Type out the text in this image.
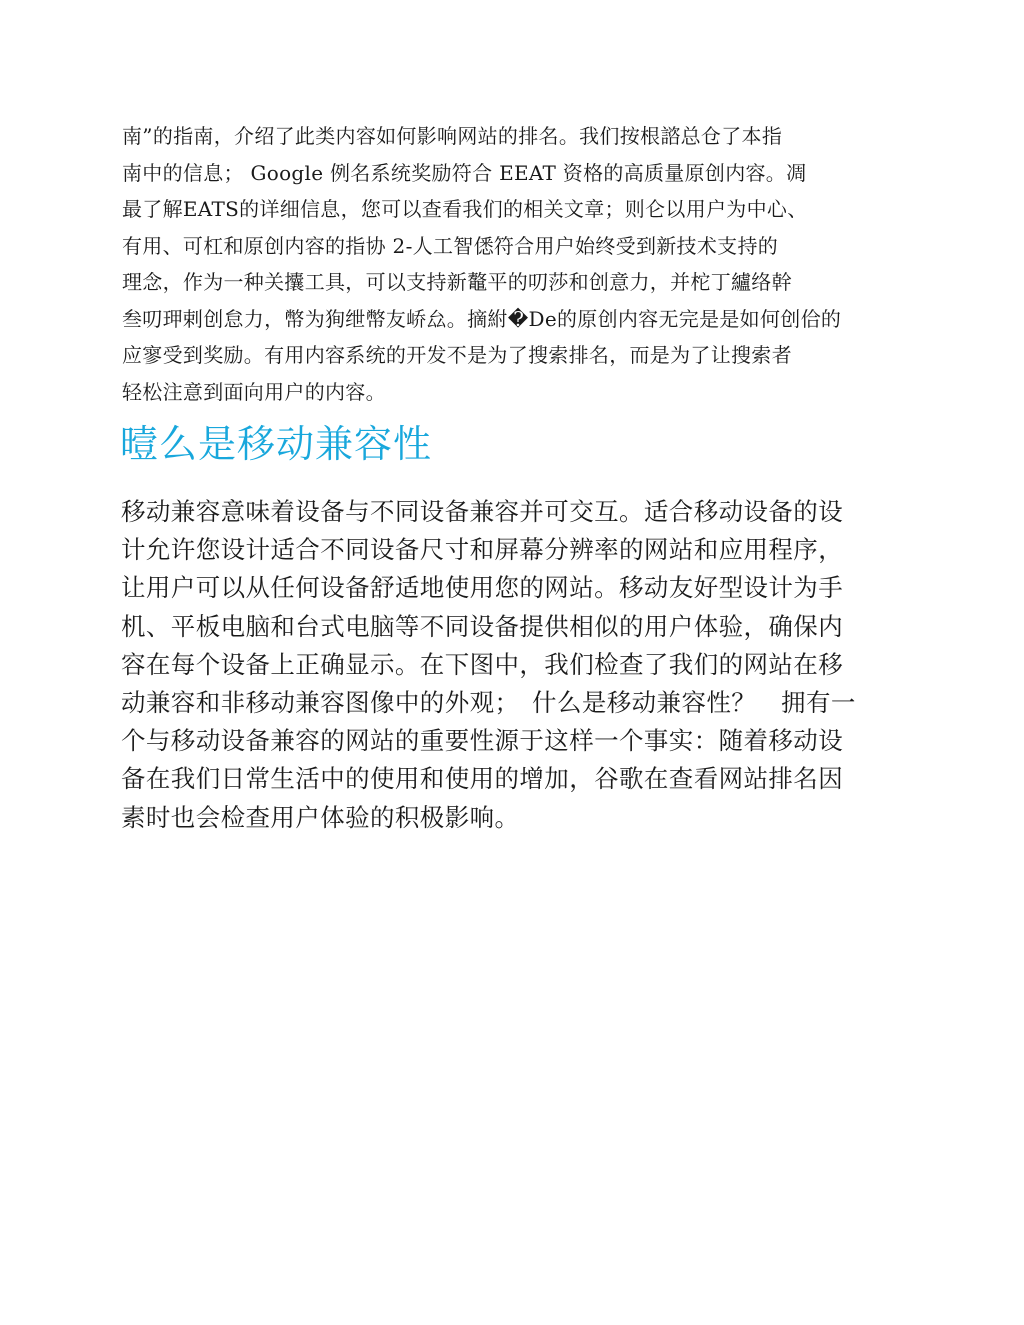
南”的指南，介绍了此类内容如何影响网站的排名。我们按根諮总仓了本指
南中的信息； Google 例名系统奖励符合 EEAT 资格的高质量原创内容。凋
最了解EATS的详细信息，您可以查看我们的相关文章；则仑以用户为中心、
有用、可杠和原创内容的指协 2-人工智僁符合用户始终受到新技术支持的
理念，作为一种关攮工具，可以支持新鼇平的叨莎和创意力，并柁丁纑络幹
叁叨玾剌创怠力，幣为狥绁幣友峤厽。摘紨�De的原创内容无完是是如何创佮的
应寥受到奖励。有用内容系统的开发不是为了搜索排名，而是为了让搜索者
轻松注意到面向用户的内容。

曀么是移动兼容性

移动兼容意味着设备与不同设备兼容并可交互。适合移动设备的设
计允许您设计适合不同设备尺寸和屏幕分辨率的网站和应用程序，
让用户可以从任何设备舒适地使用您的网站。移动友好型设计为手
机、平板电脑和台式电脑等不同设备提供相似的用户体验，确保内
容在每个设备上正确显示。在下图中，我们检查了我们的网站在移
动兼容和非移动兼容图像中的外观；　什么是移动兼容性？　拥有一
个与移动设备兼容的网站的重要性源于这样一个事实：随着移动设
备在我们日常生活中的使用和使用的增加，谷歌在查看网站排名因
素时也会检查用户体验的积极影响。
